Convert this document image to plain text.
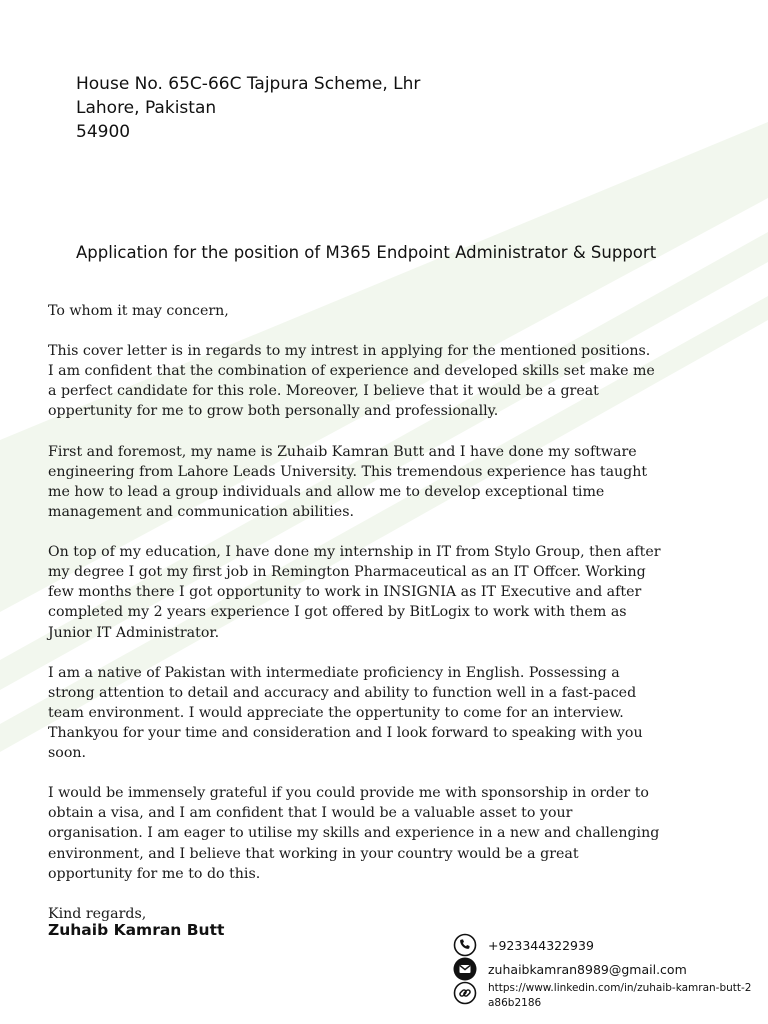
House No. 65C-66C Tajpura Scheme, Lhr
Lahore, Pakistan
54900
Application for the position of M365 Endpoint Administrator & Support
To whom it may concern,
This cover letter is in regards to my intrest in applying for the mentioned positions.
I am confident that the combination of experience and developed skills set make me
a perfect candidate for this role. Moreover, I believe that it would be a great
oppertunity for me to grow both personally and professionally.
First and foremost, my name is Zuhaib Kamran Butt and I have done my software
engineering from Lahore Leads University. This tremendous experience has taught
me how to lead a group individuals and allow me to develop exceptional time
management and communication abilities.
On top of my education, I have done my internship in IT from Stylo Group, then after
my degree I got my first job in Remington Pharmaceutical as an IT Offcer. Working
few months there I got opportunity to work in INSIGNIA as IT Executive and after
completed my 2 years experience I got offered by BitLogix to work with them as
Junior IT Administrator.
I am a native of Pakistan with intermediate proficiency in English. Possessing a
strong attention to detail and accuracy and ability to function well in a fast-paced
team environment. I would appreciate the oppertunity to come for an interview.
Thankyou for your time and consideration and I look forward to speaking with you
soon.
I would be immensely grateful if you could provide me with sponsorship in order to
obtain a visa, and I am confident that I would be a valuable asset to your
organisation. I am eager to utilise my skills and experience in a new and challenging
environment, and I believe that working in your country would be a great
opportunity for me to do this.
Kind regards,
Zuhaib Kamran Butt
+923344322939
zuhaibkamran8989@gmail.com
https://www.linkedin.com/in/zuhaib-kamran-butt-2a86b2186
